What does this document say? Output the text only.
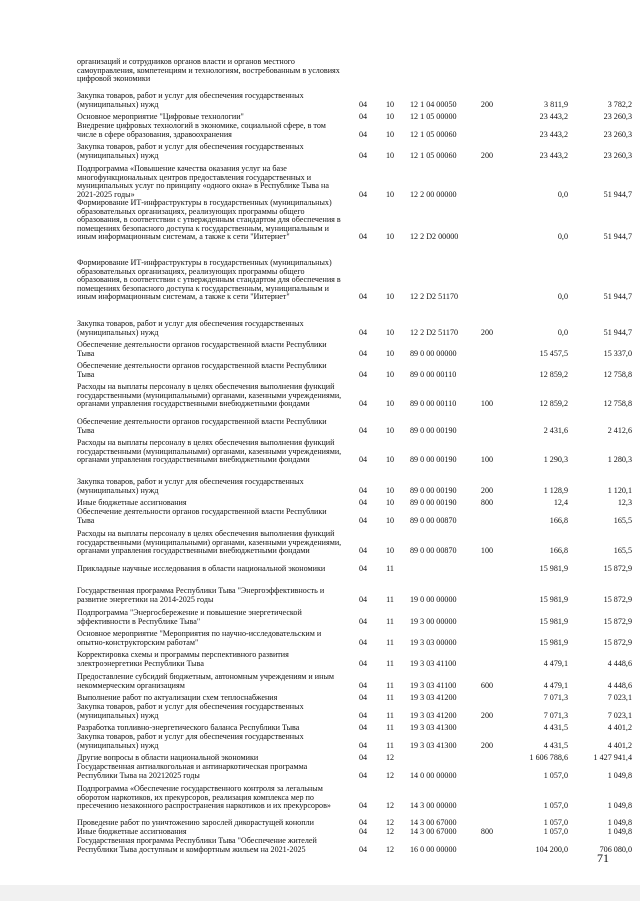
организаций и сотрудников органов власти и органов местного самоуправления, компетенциям и технологиям, востребованным в условиях цифровой экономики
Закупка товаров, работ и услуг для обеспечения государственных (муниципальных) нужд	04	10	12 1 04 00050	200	3 811,9	3 782,2
Основное мероприятие "Цифровые технологии"	04	10	12 1 05 00000	23 443,2	23 260,3
Внедрение цифровых технологий в экономике, социальной сфере, в том числе в сфере образования, здравоохранения	04	10	12 1 05 00060	23 443,2	23 260,3
Закупка товаров, работ и услуг для обеспечения государственных (муниципальных) нужд	04	10	12 1 05 00060	200	23 443,2	23 260,3
Подпрограмма «Повышение качества оказания услуг на базе многофункциональных центров предоставления государственных и муниципальных услуг по принципу «одного окна» в Республике Тыва на 2021-2025 годы»	04	10	12 2 00 00000	0,0	51 944,7
Формирование ИТ-инфраструктуры в государственных (муниципальных) образовательных организациях, реализующих программы общего образования, в соответствии с утвержденным стандартом для обеспечения в помещениях безопасного доступа к государственным, муниципальным и иным информационным системам, а также к сети "Интернет"	04	10	12 2 D2 00000	0,0	51 944,7
Формирование ИТ-инфраструктуры в государственных (муниципальных) образовательных организациях, реализующих программы общего образования, в соответствии с утвержденным стандартом для обеспечения в помещениях безопасного доступа к государственным, муниципальным и иным информационным системам, а также к сети "Интернет"	04	10	12 2 D2 51170	0,0	51 944,7
Закупка товаров, работ и услуг для обеспечения государственных (муниципальных) нужд	04	10	12 2 D2 51170	200	0,0	51 944,7
Обеспечение деятельности органов государственной власти Республики Тыва	04	10	89 0 00 00000	15 457,5	15 337,0
Обеспечение деятельности органов государственной власти Республики Тыва	04	10	89 0 00 00110	12 859,2	12 758,8
Расходы на выплаты персоналу в целях обеспечения выполнения функций государственными (муниципальными) органами, казенными учреждениями, органами управления государственными внебюджетными фондами	04	10	89 0 00 00110	100	12 859,2	12 758,8
Обеспечение деятельности органов государственной власти Республики Тыва	04	10	89 0 00 00190	2 431,6	2 412,6
Расходы на выплаты персоналу в целях обеспечения выполнения функций государственными (муниципальными) органами, казенными учреждениями, органами управления государственными внебюджетными фондами	04	10	89 0 00 00190	100	1 290,3	1 280,3
Закупка товаров, работ и услуг для обеспечения государственных (муниципальных) нужд	04	10	89 0 00 00190	200	1 128,9	1 120,1
Иные бюджетные ассигнования	04	10	89 0 00 00190	800	12,4	12,3
Обеспечение деятельности органов государственной власти Республики Тыва	04	10	89 0 00 00870	166,8	165,5
Расходы на выплаты персоналу в целях обеспечения выполнения функций государственными (муниципальными) органами, казенными учреждениями, органами управления государственными внебюджетными фондами	04	10	89 0 00 00870	100	166,8	165,5
Прикладные научные исследования в области национальной экономики	04	11	15 981,9	15 872,9
Государственная программа Республики Тыва "Энергоэффективность и развитие энергетики на 2014-2025 годы	04	11	19 0 00 00000	15 981,9	15 872,9
Подпрограмма "Энергосбережение и повышение энергетической эффективности в Республике Тыва"	04	11	19 3 00 00000	15 981,9	15 872,9
Основное мероприятие "Мероприятия по научно-исследовательским и опытно-конструкторским работам"	04	11	19 3 03 00000	15 981,9	15 872,9
Корректировка схемы и программы перспективного развития электроэнергетики Республики Тыва	04	11	19 3 03 41100	4 479,1	4 448,6
Предоставление субсидий бюджетным, автономным учреждениям и иным некоммерческим организациям	04	11	19 3 03 41100	600	4 479,1	4 448,6
Выполнение работ по актуализации схем теплоснабжения	04	11	19 3 03 41200	7 071,3	7 023,1
Закупка товаров, работ и услуг для обеспечения государственных (муниципальных) нужд	04	11	19 3 03 41200	200	7 071,3	7 023,1
Разработка топливно-энергетического баланса Республики Тыва	04	11	19 3 03 41300	4 431,5	4 401,2
Закупка товаров, работ и услуг для обеспечения государственных (муниципальных) нужд	04	11	19 3 03 41300	200	4 431,5	4 401,2
Другие вопросы в области национальной экономики	04	12	1 606 788,6	1 427 941,4
Государственная антиалкогольная и антинаркотическая программа Республики Тыва на 20212025 годы	04	12	14 0 00 00000	1 057,0	1 049,8
Подпрограмма «Обеспечение государственного контроля за легальным оборотом наркотиков, их прекурсоров, реализация комплекса мер по пресечению незаконного распространения наркотиков и их прекурсоров»	04	12	14 3 00 00000	1 057,0	1 049,8
Проведение работ по уничтожению зарослей дикорастущей конопли	04	12	14 3 00 67000	1 057,0	1 049,8
Иные бюджетные ассигнования	04	12	14 3 00 67000	800	1 057,0	1 049,8
Государственная программа Республики Тыва "Обеспечение жителей Республики Тыва доступным и комфортным жильем на 2021-2025	04	12	16 0 00 00000	104 200,0	706 080,0
71
